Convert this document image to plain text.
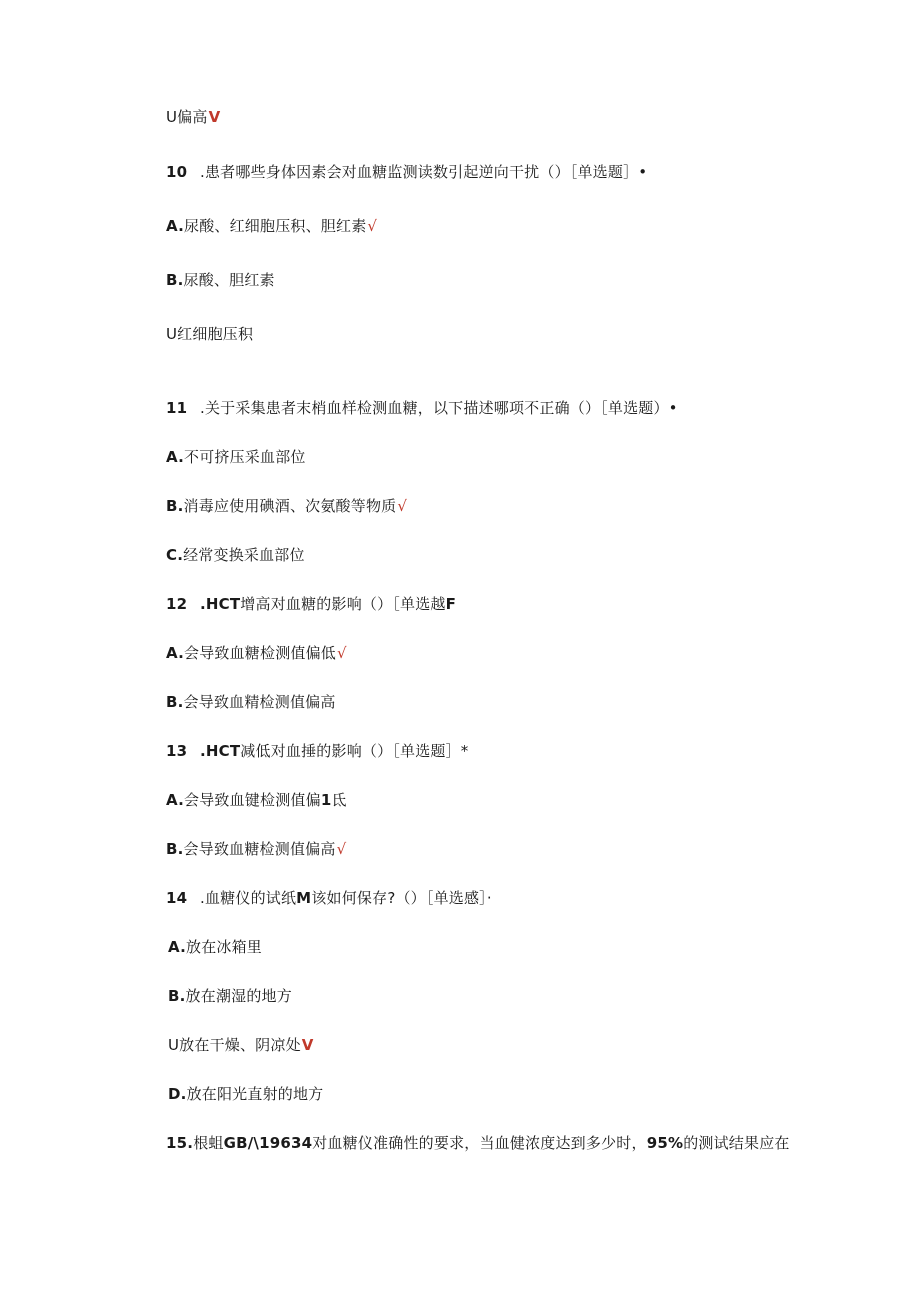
U偏高V
10 .患者哪些身体因素会对血糖监测读数引起逆向干扰（）［单选题］•
A.尿酸、红细胞压积、胆红素√
B.尿酸、胆红素
U红细胞压积
11 .关于采集患者末梢血样检测血糖，以下描述哪项不正确（）［单选题）•
A.不可挤压采血部位
B.消毒应使用碘酒、次氨酸等物质√
C.经常变换采血部位
12 .HCT增高对血糖的影响（）［单选越F
A.会导致血糖检测值偏低√
B.会导致血精检测值偏高
13 .HCT减低对血捶的影响（）［单选题］*
A.会导致血键检测值偏1氐
B.会导致血糖检测值偏高√
14 .血糖仪的试纸M该如何保存?（）［单选感］·
A.放在冰箱里
B.放在潮湿的地方
U放在干燥、阴凉处V
D.放在阳光直射的地方
15.根蛆GB∕\19634对血糖仪准确性的要求，当血健浓度达到多少时，95%的测试结果应在
